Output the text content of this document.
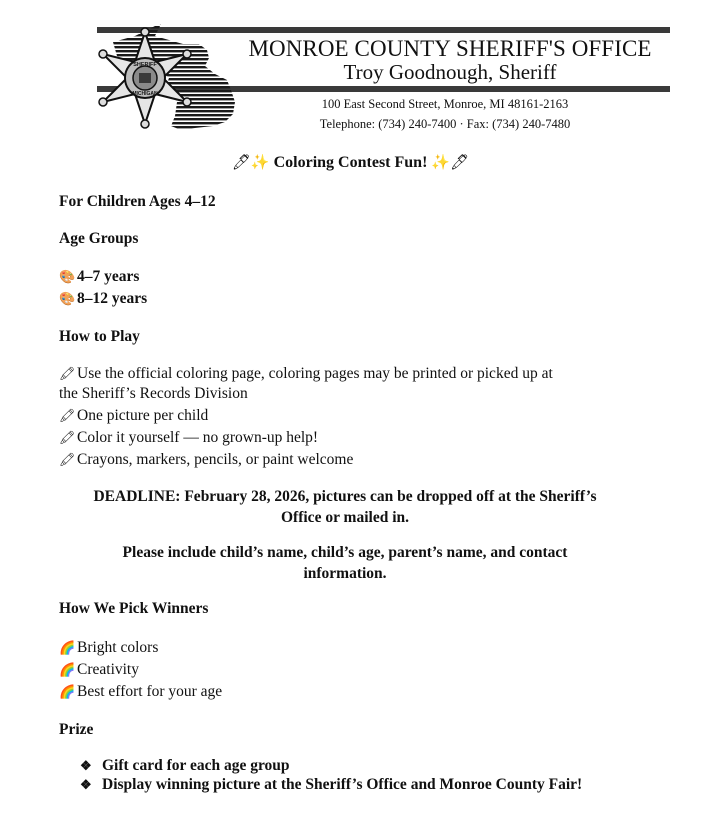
SHERIFF
MICHIGAN
MONROE COUNTY SHERIFF'S OFFICE
Troy Goodnough, Sheriff
100 East Second Street, Monroe, MI 48161-2163
Telephone: (734) 240-7400 · Fax: (734) 240-7480
🖊✨ Coloring Contest Fun! ✨🖊
For Children Ages 4–12
Age Groups
🎨 4–7 years
🎨 8–12 years
How to Play
🖍Use the official coloring page, coloring pages may be printed or picked up at
the Sheriff’s Records Division
🖍One picture per child
🖍Color it yourself — no grown-up help!
🖍Crayons, markers, pencils, or paint welcome
DEADLINE: February 28, 2026, pictures can be dropped off at the Sheriff’s
Office or mailed in.
Please include child’s name, child’s age, parent’s name, and contact
information.
How We Pick Winners
🌈 Bright colors
🌈 Creativity
🌈 Best effort for your age
Prize
❖ Gift card for each age group
❖ Display winning picture at the Sheriff’s Office and Monroe County Fair!
